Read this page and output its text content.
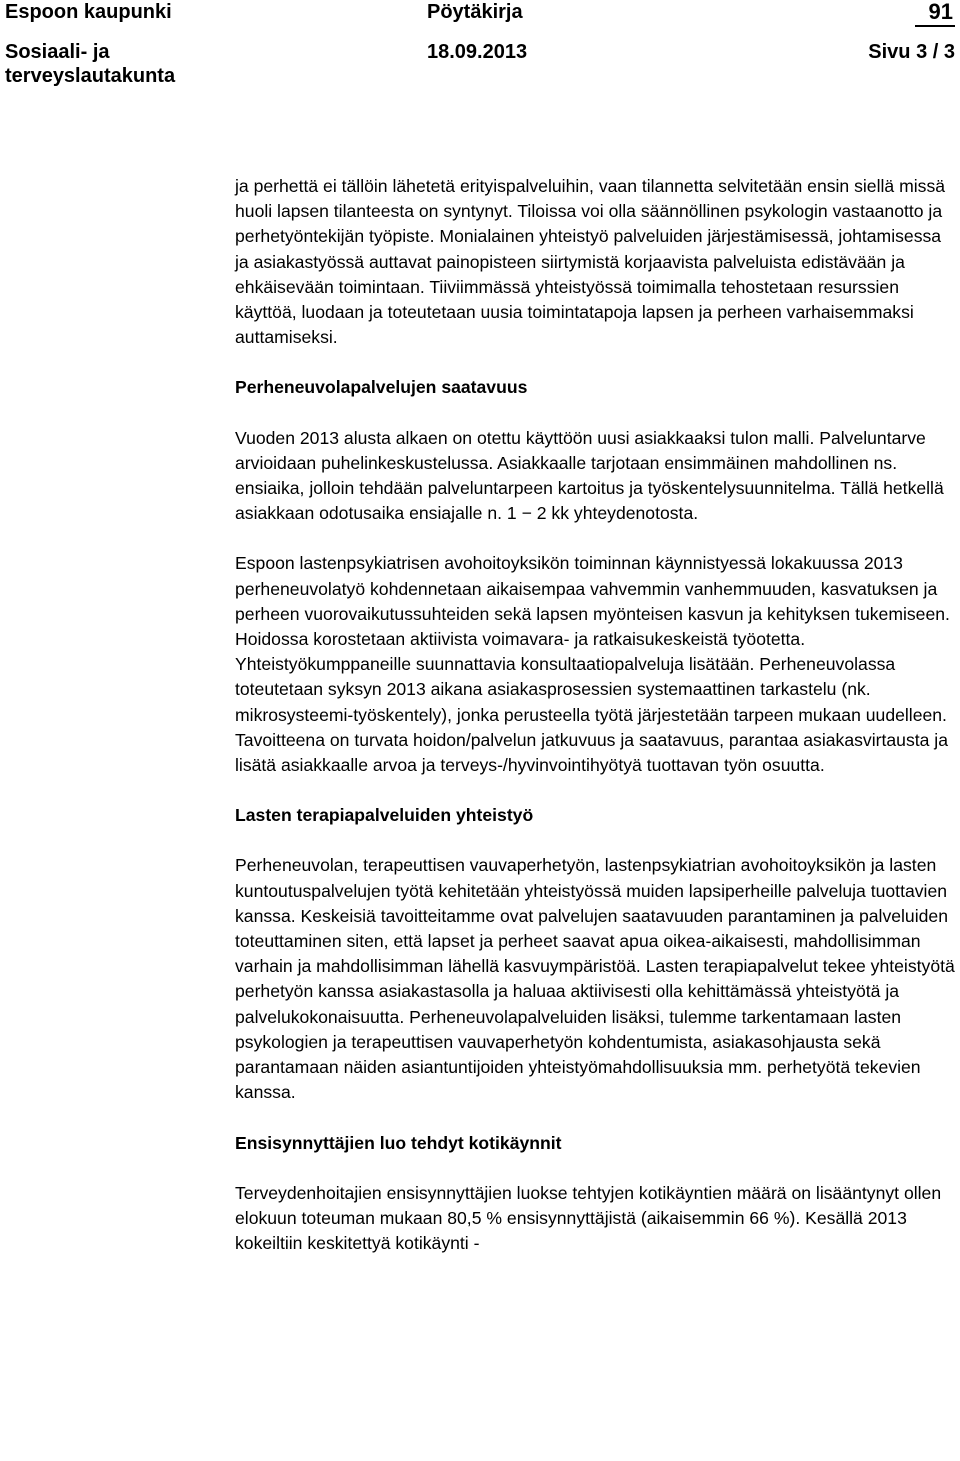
Espoon kaupunki	Pöytäkirja	91
Sosiaali- ja terveyslautakunta
18.09.2013	Sivu 3 / 3

ja perhettä ei tällöin lähetetä erityispalveluihin, vaan tilannetta selvitetään ensin siellä missä huoli lapsen tilanteesta on syntynyt. Tiloissa voi olla säännöllinen psykologin vastaanotto ja perhetyöntekijän työpiste. Monialainen yhteistyö palveluiden järjestämisessä, johtamisessa ja asiakastyössä auttavat painopisteen siirtymistä korjaavista palveluista edistävään ja ehkäisevään toimintaan. Tiiviimmässä yhteistyössä toimimalla tehostetaan resurssien käyttöä, luodaan ja toteutetaan uusia toimintatapoja lapsen ja perheen varhaisemmaksi auttamiseksi.

Perheneuvolapalvelujen saatavuus

Vuoden 2013 alusta alkaen on otettu käyttöön uusi asiakkaaksi tulon malli. Palveluntarve arvioidaan puhelinkeskustelussa. Asiakkaalle tarjotaan ensimmäinen mahdollinen ns. ensiaika, jolloin tehdään palveluntarpeen kartoitus ja työskentelysuunnitelma. Tällä hetkellä asiakkaan odotusaika ensiajalle n. 1 − 2 kk yhteydenotosta.

Espoon lastenpsykiatrisen avohoitoyksikön toiminnan käynnistyessä lokakuussa 2013 perheneuvolatyö kohdennetaan aikaisempaa vahvemmin vanhemmuuden, kasvatuksen ja perheen vuorovaikutussuhteiden sekä lapsen myönteisen kasvun ja kehityksen tukemiseen. Hoidossa korostetaan aktiivista voimavara- ja ratkaisukeskeistä työotetta. Yhteistyökumppaneille suunnattavia konsultaatiopalveluja lisätään. Perheneuvolassa toteutetaan syksyn 2013 aikana asiakasprosessien systemaattinen tarkastelu (nk. mikrosysteemi-työskentely), jonka perusteella työtä järjestetään tarpeen mukaan uudelleen. Tavoitteena on turvata hoidon/palvelun jatkuvuus ja saatavuus, parantaa asiakasvirtausta ja lisätä asiakkaalle arvoa ja terveys-/hyvinvointihyötyä tuottavan työn osuutta.

Lasten terapiapalveluiden yhteistyö

Perheneuvolan, terapeuttisen vauvaperhetyön, lastenpsykiatrian avohoitoyksikön ja lasten kuntoutuspalvelujen työtä kehitetään yhteistyössä muiden lapsiperheille palveluja tuottavien kanssa. Keskeisiä tavoitteitamme ovat palvelujen saatavuuden parantaminen ja palveluiden toteuttaminen siten, että lapset ja perheet saavat apua oikea-aikaisesti, mahdollisimman varhain ja mahdollisimman lähellä kasvuympäristöä. Lasten terapiapalvelut tekee yhteistyötä perhetyön kanssa asiakastasolla ja haluaa aktiivisesti olla kehittämässä yhteistyötä ja palvelukokonaisuutta. Perheneuvolapalveluiden lisäksi, tulemme tarkentamaan lasten psykologien ja terapeuttisen vauvaperhetyön kohdentumista, asiakasohjausta sekä parantamaan näiden asiantuntijoiden yhteistyömahdollisuuksia mm. perhetyötä tekevien kanssa.

Ensisynnyttäjien luo tehdyt kotikäynnit

Terveydenhoitajien ensisynnyttäjien luokse tehtyjen kotikäyntien määrä on lisääntynyt ollen elokuun toteuman mukaan 80,5 % ensisynnyttäjistä (aikaisemmin 66 %). Kesällä 2013 kokeiltiin keskitettyä kotikäynti -
